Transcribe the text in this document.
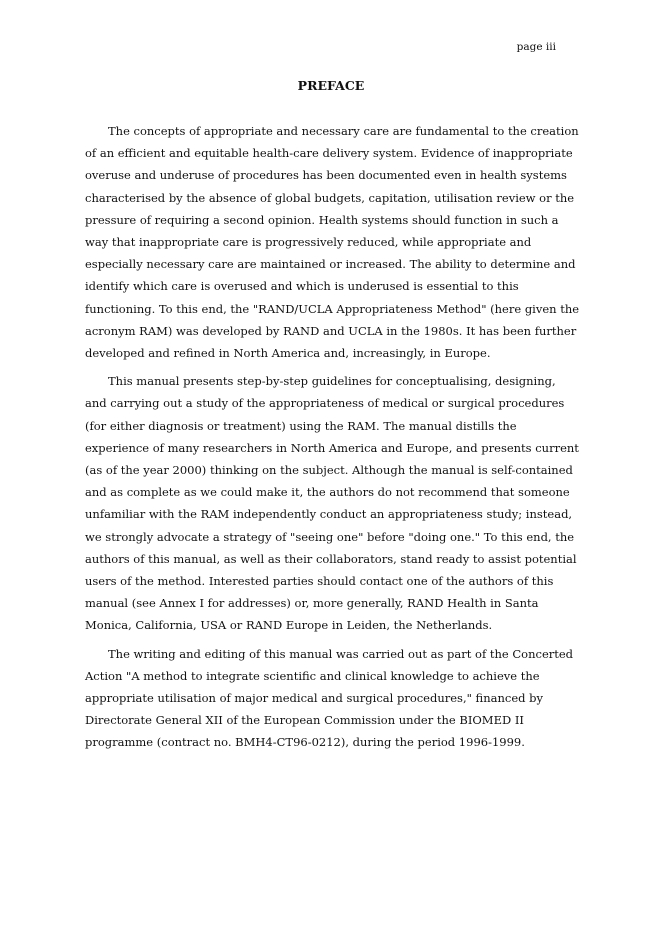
page iii
PREFACE

The concepts of appropriate and necessary care are fundamental to the creation of an efficient and equitable health-care delivery system. Evidence of inappropriate overuse and underuse of procedures has been documented even in health systems characterised by the absence of global budgets, capitation, utilisation review or the pressure of requiring a second opinion. Health systems should function in such a way that inappropriate care is progressively reduced, while appropriate and especially necessary care are maintained or increased. The ability to determine and identify which care is overused and which is underused is essential to this functioning. To this end, the "RAND/UCLA Appropriateness Method" (here given the acronym RAM) was developed by RAND and UCLA in the 1980s. It has been further developed and refined in North America and, increasingly, in Europe.

This manual presents step-by-step guidelines for conceptualising, designing, and carrying out a study of the appropriateness of medical or surgical procedures (for either diagnosis or treatment) using the RAM. The manual distills the experience of many researchers in North America and Europe, and presents current (as of the year 2000) thinking on the subject. Although the manual is self-contained and as complete as we could make it, the authors do not recommend that someone unfamiliar with the RAM independently conduct an appropriateness study; instead, we strongly advocate a strategy of "seeing one" before "doing one." To this end, the authors of this manual, as well as their collaborators, stand ready to assist potential users of the method. Interested parties should contact one of the authors of this manual (see Annex I for addresses) or, more generally, RAND Health in Santa Monica, California, USA or RAND Europe in Leiden, the Netherlands.

The writing and editing of this manual was carried out as part of the Concerted Action "A method to integrate scientific and clinical knowledge to achieve the appropriate utilisation of major medical and surgical procedures," financed by Directorate General XII of the European Commission under the BIOMED II programme (contract no. BMH4-CT96-0212), during the period 1996-1999.
